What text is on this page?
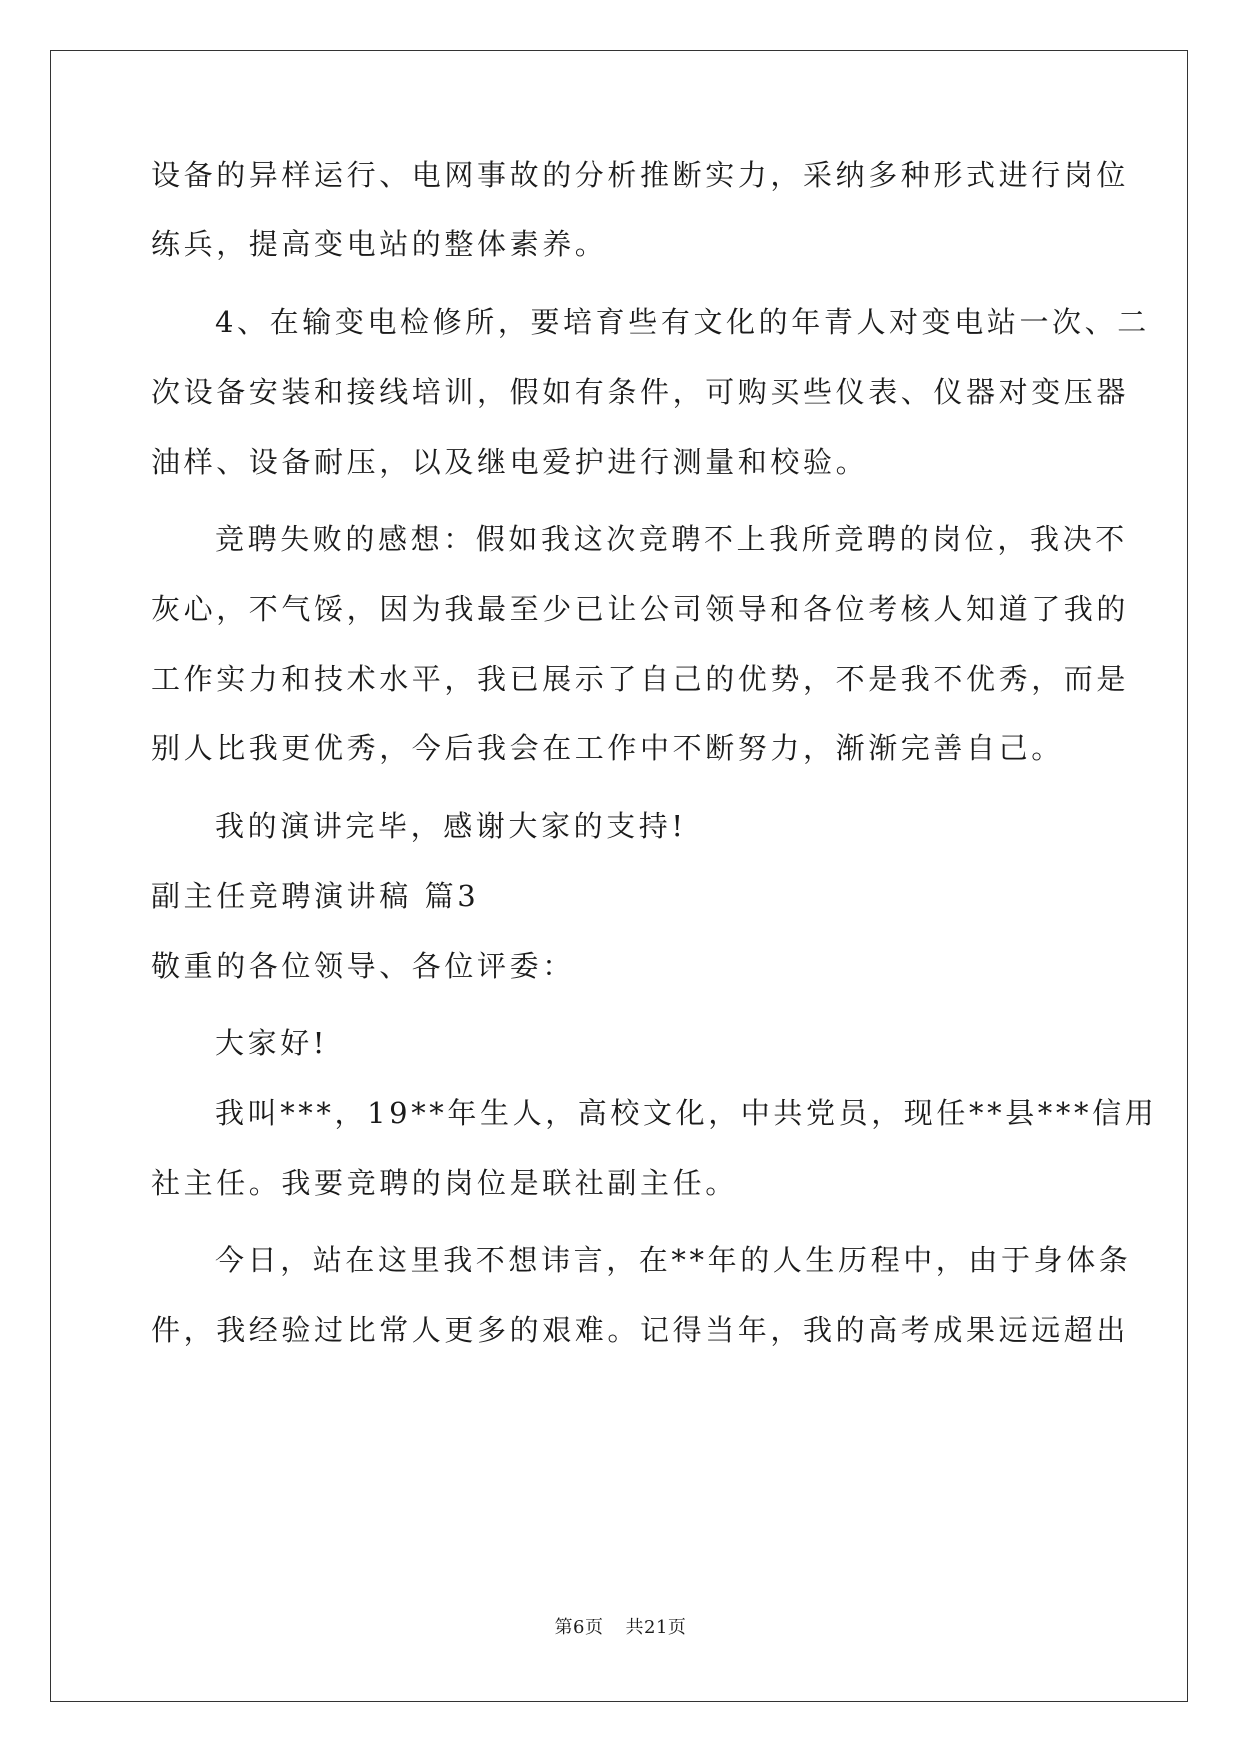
设备的异样运行、电网事故的分析推断实力，采纳多种形式进行岗位
练兵，提高变电站的整体素养。
4、在输变电检修所，要培育些有文化的年青人对变电站一次、二
次设备安装和接线培训，假如有条件，可购买些仪表、仪器对变压器
油样、设备耐压，以及继电爱护进行测量和校验。
竞聘失败的感想：假如我这次竞聘不上我所竞聘的岗位，我决不
灰心，不气馁，因为我最至少已让公司领导和各位考核人知道了我的
工作实力和技术水平，我已展示了自己的优势，不是我不优秀，而是
别人比我更优秀，今后我会在工作中不断努力，渐渐完善自己。
我的演讲完毕，感谢大家的支持!
副主任竞聘演讲稿 篇3
敬重的各位领导、各位评委：
大家好!
我叫***，19**年生人，高校文化，中共党员，现任**县***信用
社主任。我要竞聘的岗位是联社副主任。
今日，站在这里我不想讳言，在**年的人生历程中，由于身体条
件，我经验过比常人更多的艰难。记得当年，我的高考成果远远超出
第6页 共21页
